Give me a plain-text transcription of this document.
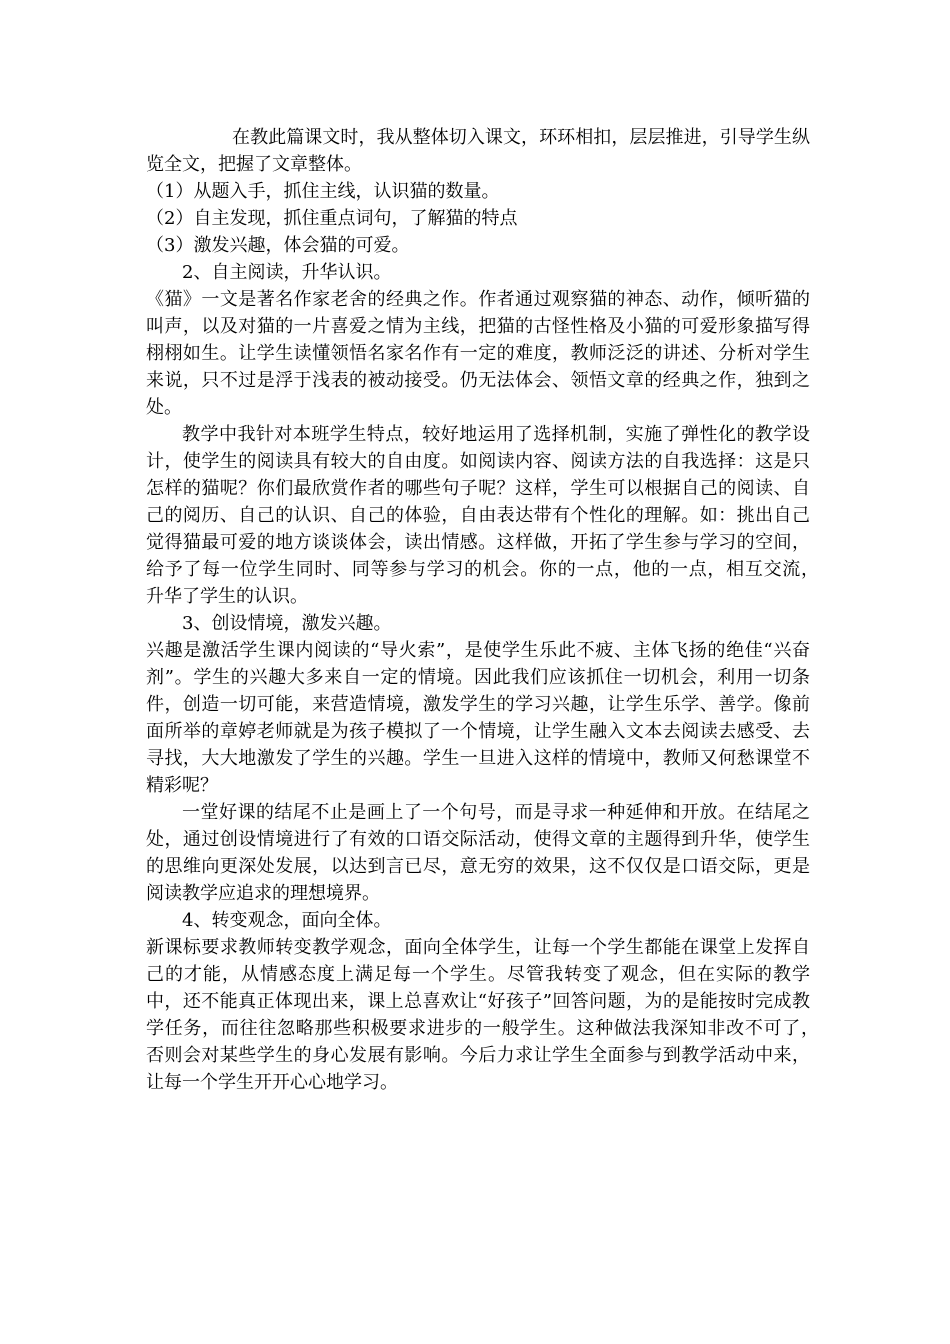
在教此篇课文时，我从整体切入课文，环环相扣，层层推进，引导学生纵览全文，把握了文章整体。

（1）从题入手，抓住主线，认识猫的数量。

（2）自主发现，抓住重点词句，了解猫的特点

（3）激发兴趣，体会猫的可爱。

2、自主阅读，升华认识。

《猫》一文是著名作家老舍的经典之作。作者通过观察猫的神态、动作，倾听猫的叫声，以及对猫的一片喜爱之情为主线，把猫的古怪性格及小猫的可爱形象描写得栩栩如生。让学生读懂领悟名家名作有一定的难度，教师泛泛的讲述、分析对学生来说，只不过是浮于浅表的被动接受。仍无法体会、领悟文章的经典之作，独到之处。

教学中我针对本班学生特点，较好地运用了选择机制，实施了弹性化的教学设计，使学生的阅读具有较大的自由度。如阅读内容、阅读方法的自我选择：这是只怎样的猫呢？你们最欣赏作者的哪些句子呢？这样，学生可以根据自己的阅读、自己的阅历、自己的认识、自己的体验，自由表达带有个性化的理解。如：挑出自己觉得猫最可爱的地方谈谈体会，读出情感。这样做，开拓了学生参与学习的空间，给予了每一位学生同时、同等参与学习的机会。你的一点，他的一点，相互交流，　升华了学生的认识。

3、创设情境，激发兴趣。

兴趣是激活学生课内阅读的“导火索”，是使学生乐此不疲、主体飞扬的绝佳“兴奋剂”。学生的兴趣大多来自一定的情境。因此我们应该抓住一切机会，利用一切条件，创造一切可能，来营造情境，激发学生的学习兴趣，让学生乐学、善学。像前面所举的章婷老师就是为孩子模拟了一个情境，让学生融入文本去阅读去感受、去寻找，大大地激发了学生的兴趣。学生一旦进入这样的情境中，教师又何愁课堂不精彩呢？

一堂好课的结尾不止是画上了一个句号，而是寻求一种延伸和开放。在结尾之处，通过创设情境进行了有效的口语交际活动，使得文章的主题得到升华，使学生的思维向更深处发展，以达到言已尽，意无穷的效果，这不仅仅是口语交际，更是阅读教学应追求的理想境界。

4、转变观念，面向全体。

新课标要求教师转变教学观念，面向全体学生，让每一个学生都能在课堂上发挥自己的才能，从情感态度上满足每一个学生。尽管我转变了观念，但在实际的教学中，还不能真正体现出来，课上总喜欢让“好孩子”回答问题，为的是能按时完成教学任务，而往往忽略那些积极要求进步的一般学生。这种做法我深知非改不可了，　否则会对某些学生的身心发展有影响。今后力求让学生全面参与到教学活动中来，让每一个学生开开心心地学习。
